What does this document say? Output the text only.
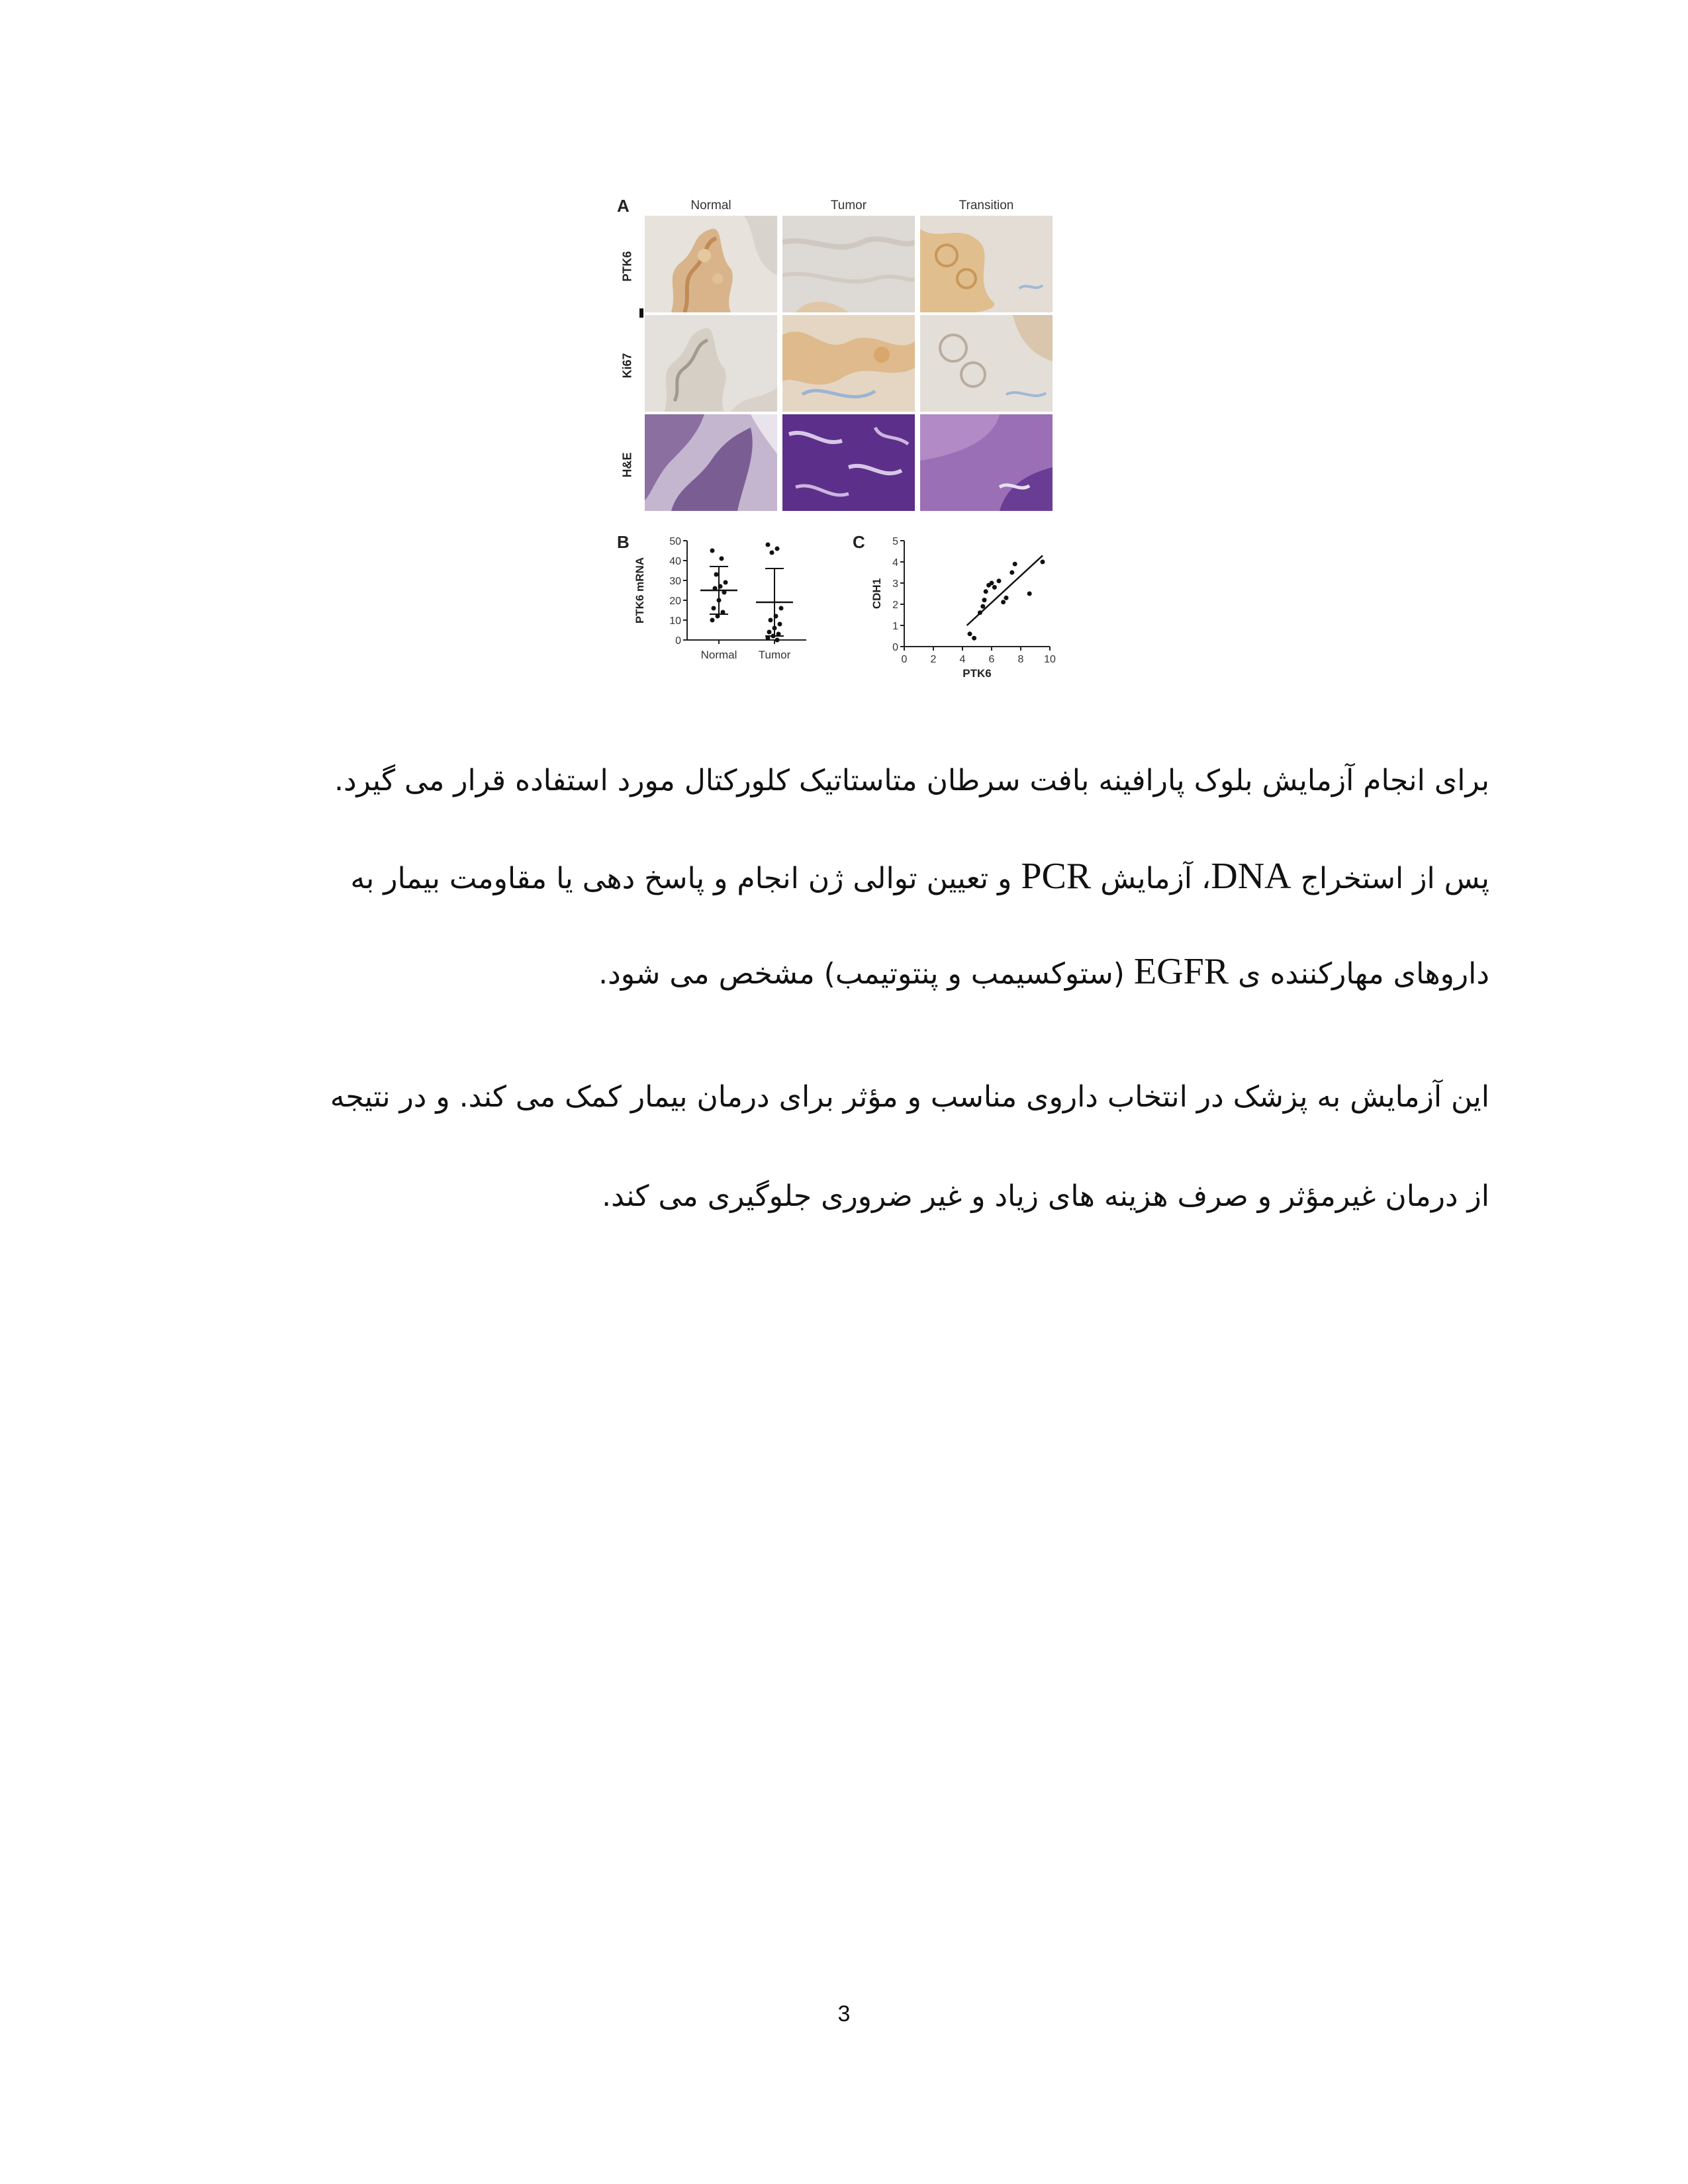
A	Normal	Tumor	Transition
PTK6
Ki67
H&E
B
0
10
20
30
40
50
PTK6 mRNA
Normal Tumor
C
0
1
2
3
4
5
0 2 4 6 8 10
CDH1
PTK6
برای انجام آزمایش بلوک پارافینه بافت سرطان متاستاتیک کلورکتال مورد استفاده قرار می گیرد.
پس از استخراج DNA، آزمایش PCR و تعیین توالی ژن انجام و پاسخ دهی یا مقاومت بیمار به
داروهای مهارکننده ی EGFR (ستوکسیمب و پنتوتیمب) مشخص می شود.
این آزمایش به پزشک در انتخاب داروی مناسب و مؤثر برای درمان بیمار کمک می کند. و در نتیجه
از درمان غیرمؤثر و صرف هزینه های زیاد و غیر ضروری جلوگیری می کند.
3
